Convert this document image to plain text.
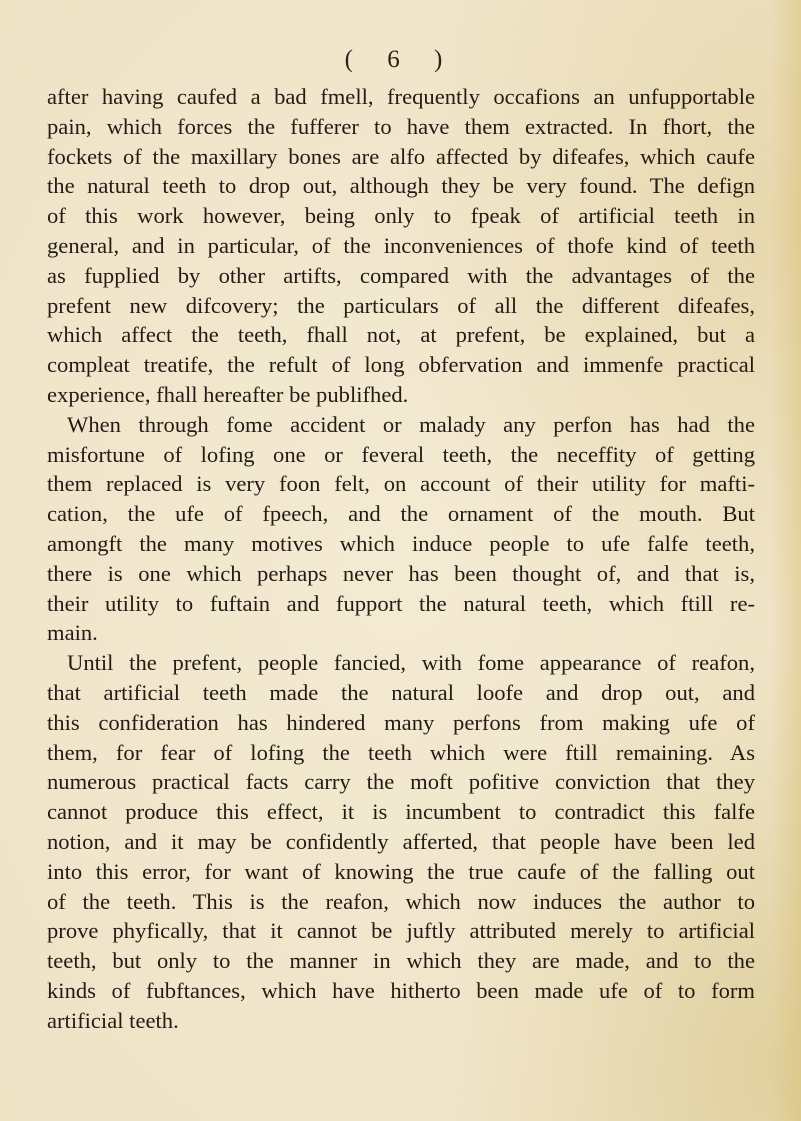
( 6 )

after having caufed a bad fmell, frequently occafions an unfupportable
pain, which forces the fufferer to have them extracted. In fhort, the
fockets of the maxillary bones are alfo affected by difeafes, which caufe
the natural teeth to drop out, although they be very found. The defign
of this work however, being only to fpeak of artificial teeth in
general, and in particular, of the inconveniences of thofe kind of teeth
as fupplied by other artifts, compared with the advantages of the
prefent new difcovery; the particulars of all the different difeafes,
which affect the teeth, fhall not, at prefent, be explained, but a
compleat treatife, the refult of long obfervation and immenfe practical
experience, fhall hereafter be publifhed.

When through fome accident or malady any perfon has had the
misfortune of lofing one or feveral teeth, the neceffity of getting
them replaced is very foon felt, on account of their utility for mafti-
cation, the ufe of fpeech, and the ornament of the mouth. But
amongft the many motives which induce people to ufe falfe teeth,
there is one which perhaps never has been thought of, and that is,
their utility to fuftain and fupport the natural teeth, which ftill re-
main.

Until the prefent, people fancied, with fome appearance of reafon,
that artificial teeth made the natural loofe and drop out, and
this confideration has hindered many perfons from making ufe of
them, for fear of lofing the teeth which were ftill remaining. As
numerous practical facts carry the moft pofitive conviction that they
cannot produce this effect, it is incumbent to contradict this falfe
notion, and it may be confidently afferted, that people have been led
into this error, for want of knowing the true caufe of the falling out
of the teeth. This is the reafon, which now induces the author to
prove phyfically, that it cannot be juftly attributed merely to artificial
teeth, but only to the manner in which they are made, and to the
kinds of fubftances, which have hitherto been made ufe of to form
artificial teeth.
